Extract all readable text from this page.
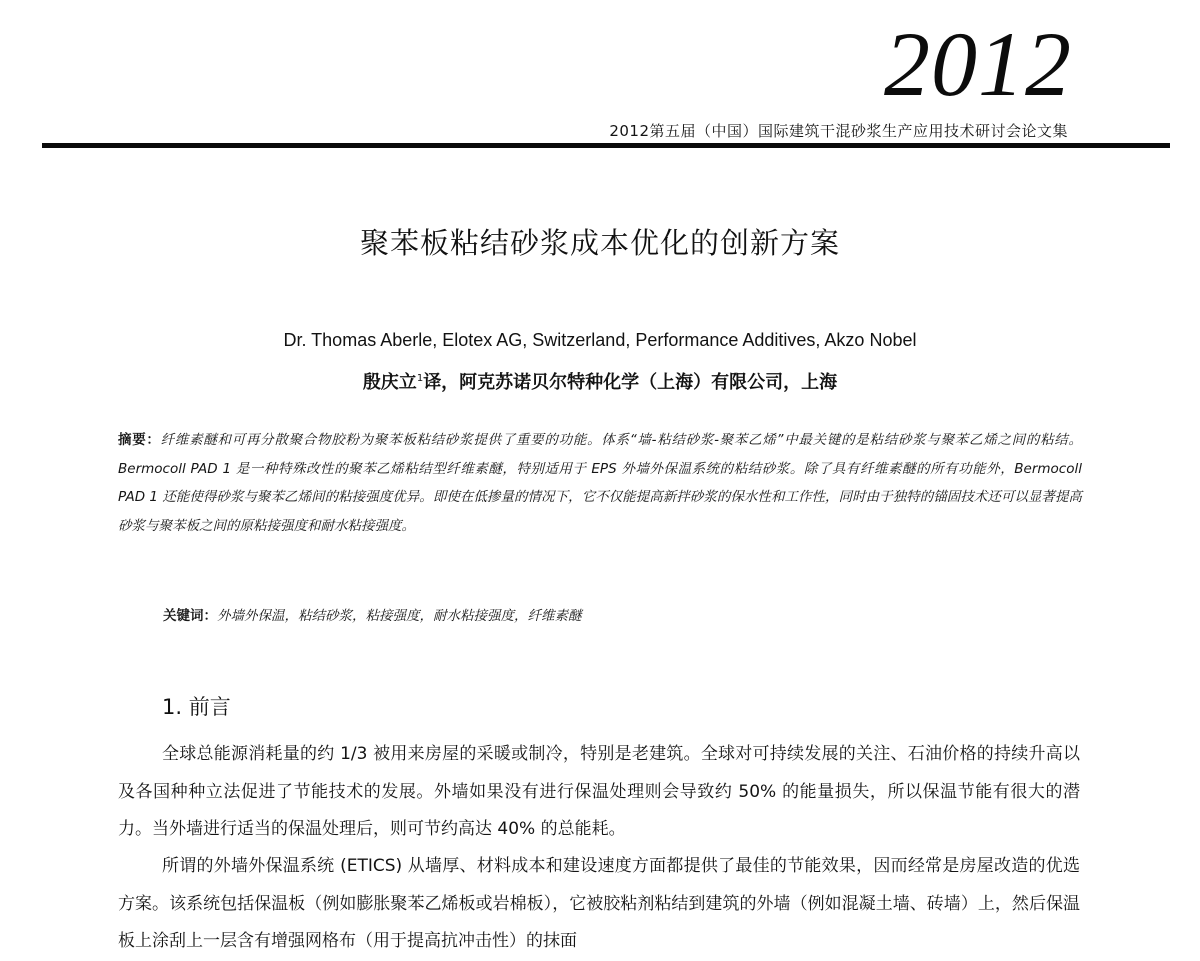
2012
2012第五届（中国）国际建筑干混砂浆生产应用技术研讨会论文集
聚苯板粘结砂浆成本优化的创新方案
Dr. Thomas Aberle, Elotex AG, Switzerland, Performance Additives, Akzo Nobel
殷庆立$^1$译，阿克苏诺贝尔特种化学（上海）有限公司，上海
摘要：纤维素醚和可再分散聚合物胶粉为聚苯板粘结砂浆提供了重要的功能。体系“墙-粘结砂浆-聚苯乙烯”中最关键的是粘结砂浆与聚苯乙烯之间的粘结。Bermocoll PAD 1 是一种特殊改性的聚苯乙烯粘结型纤维素醚，特别适用于 EPS 外墙外保温系统的粘结砂浆。除了具有纤维素醚的所有功能外，Bermocoll PAD 1 还能使得砂浆与聚苯乙烯间的粘接强度优异。即使在低掺量的情况下，它不仅能提高新拌砂浆的保水性和工作性，同时由于独特的锚固技术还可以显著提高砂浆与聚苯板之间的原粘接强度和耐水粘接强度。
关键词：外墙外保温，粘结砂浆，粘接强度，耐水粘接强度，纤维素醚
1. 前言

全球总能源消耗量的约 1/3 被用来房屋的采暖或制冷，特别是老建筑。全球对可持续发展的关注、石油价格的持续升高以及各国种种立法促进了节能技术的发展。外墙如果没有进行保温处理则会导致约 50% 的能量损失，所以保温节能有很大的潜力。当外墙进行适当的保温处理后，则可节约高达 40% 的总能耗。

所谓的外墙外保温系统 (ETICS) 从墙厚、材料成本和建设速度方面都提供了最佳的节能效果，因而经常是房屋改造的优选方案。该系统包括保温板（例如膨胀聚苯乙烯板或岩棉板），它被胶粘剂粘结到建筑的外墙（例如混凝土墙、砖墙）上，然后保温板上涂刮上一层含有增强网格布（用于提高抗冲击性）的抹面
